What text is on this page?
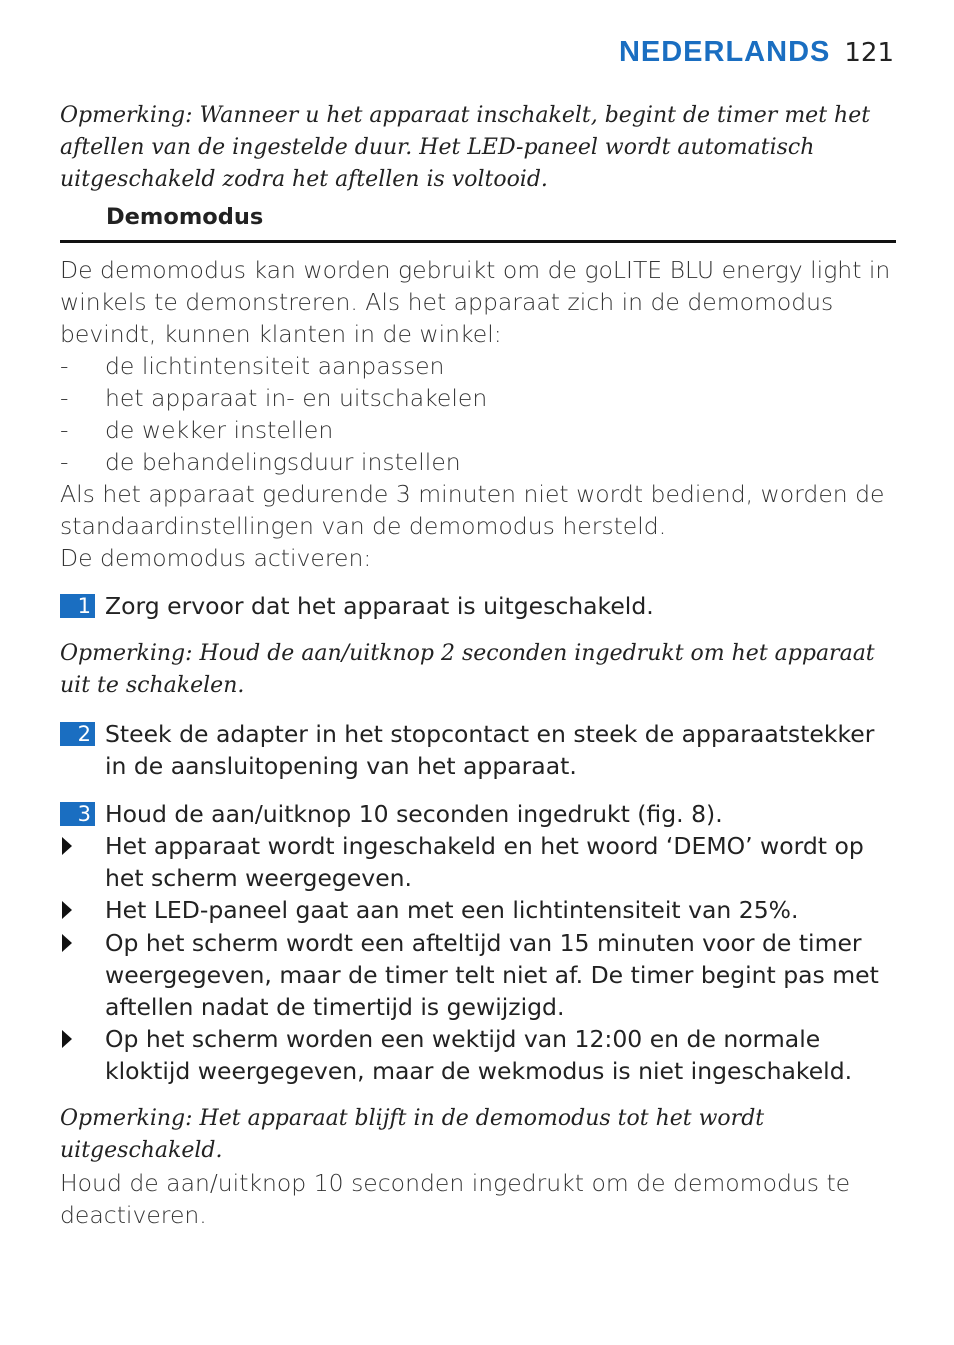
NEDERLANDS 121

Opmerking: Wanneer u het apparaat inschakelt, begint de timer met het aftellen van de ingestelde duur. Het LED-paneel wordt automatisch uitgeschakeld zodra het aftellen is voltooid.

Demomodus

De demomodus kan worden gebruikt om de goLITE BLU energy light in winkels te demonstreren. Als het apparaat zich in de demomodus bevindt, kunnen klanten in de winkel:

-	de lichtintensiteit aanpassen
-	het apparaat in- en uitschakelen
-	de wekker instellen
-	de behandelingsduur instellen

Als het apparaat gedurende 3 minuten niet wordt bediend, worden de standaardinstellingen van de demomodus hersteld.

De demomodus activeren:

1 Zorg ervoor dat het apparaat is uitgeschakeld.

Opmerking: Houd de aan/uitknop 2 seconden ingedrukt om het apparaat uit te schakelen.

2 Steek de adapter in het stopcontact en steek de apparaatstekker in de aansluitopening van het apparaat.
3 Houd de aan/uitknop 10 seconden ingedrukt (fig. 8).
Het apparaat wordt ingeschakeld en het woord ‘DEMO’ wordt op het scherm weergegeven.
Het LED-paneel gaat aan met een lichtintensiteit van 25%.
Op het scherm wordt een afteltijd van 15 minuten voor de timer weergegeven, maar de timer telt niet af. De timer begint pas met aftellen nadat de timertijd is gewijzigd.
Op het scherm worden een wektijd van 12:00 en de normale kloktijd weergegeven, maar de wekmodus is niet ingeschakeld.

Opmerking: Het apparaat blijft in de demomodus tot het wordt uitgeschakeld.

Houd de aan/uitknop 10 seconden ingedrukt om de demomodus te deactiveren.
